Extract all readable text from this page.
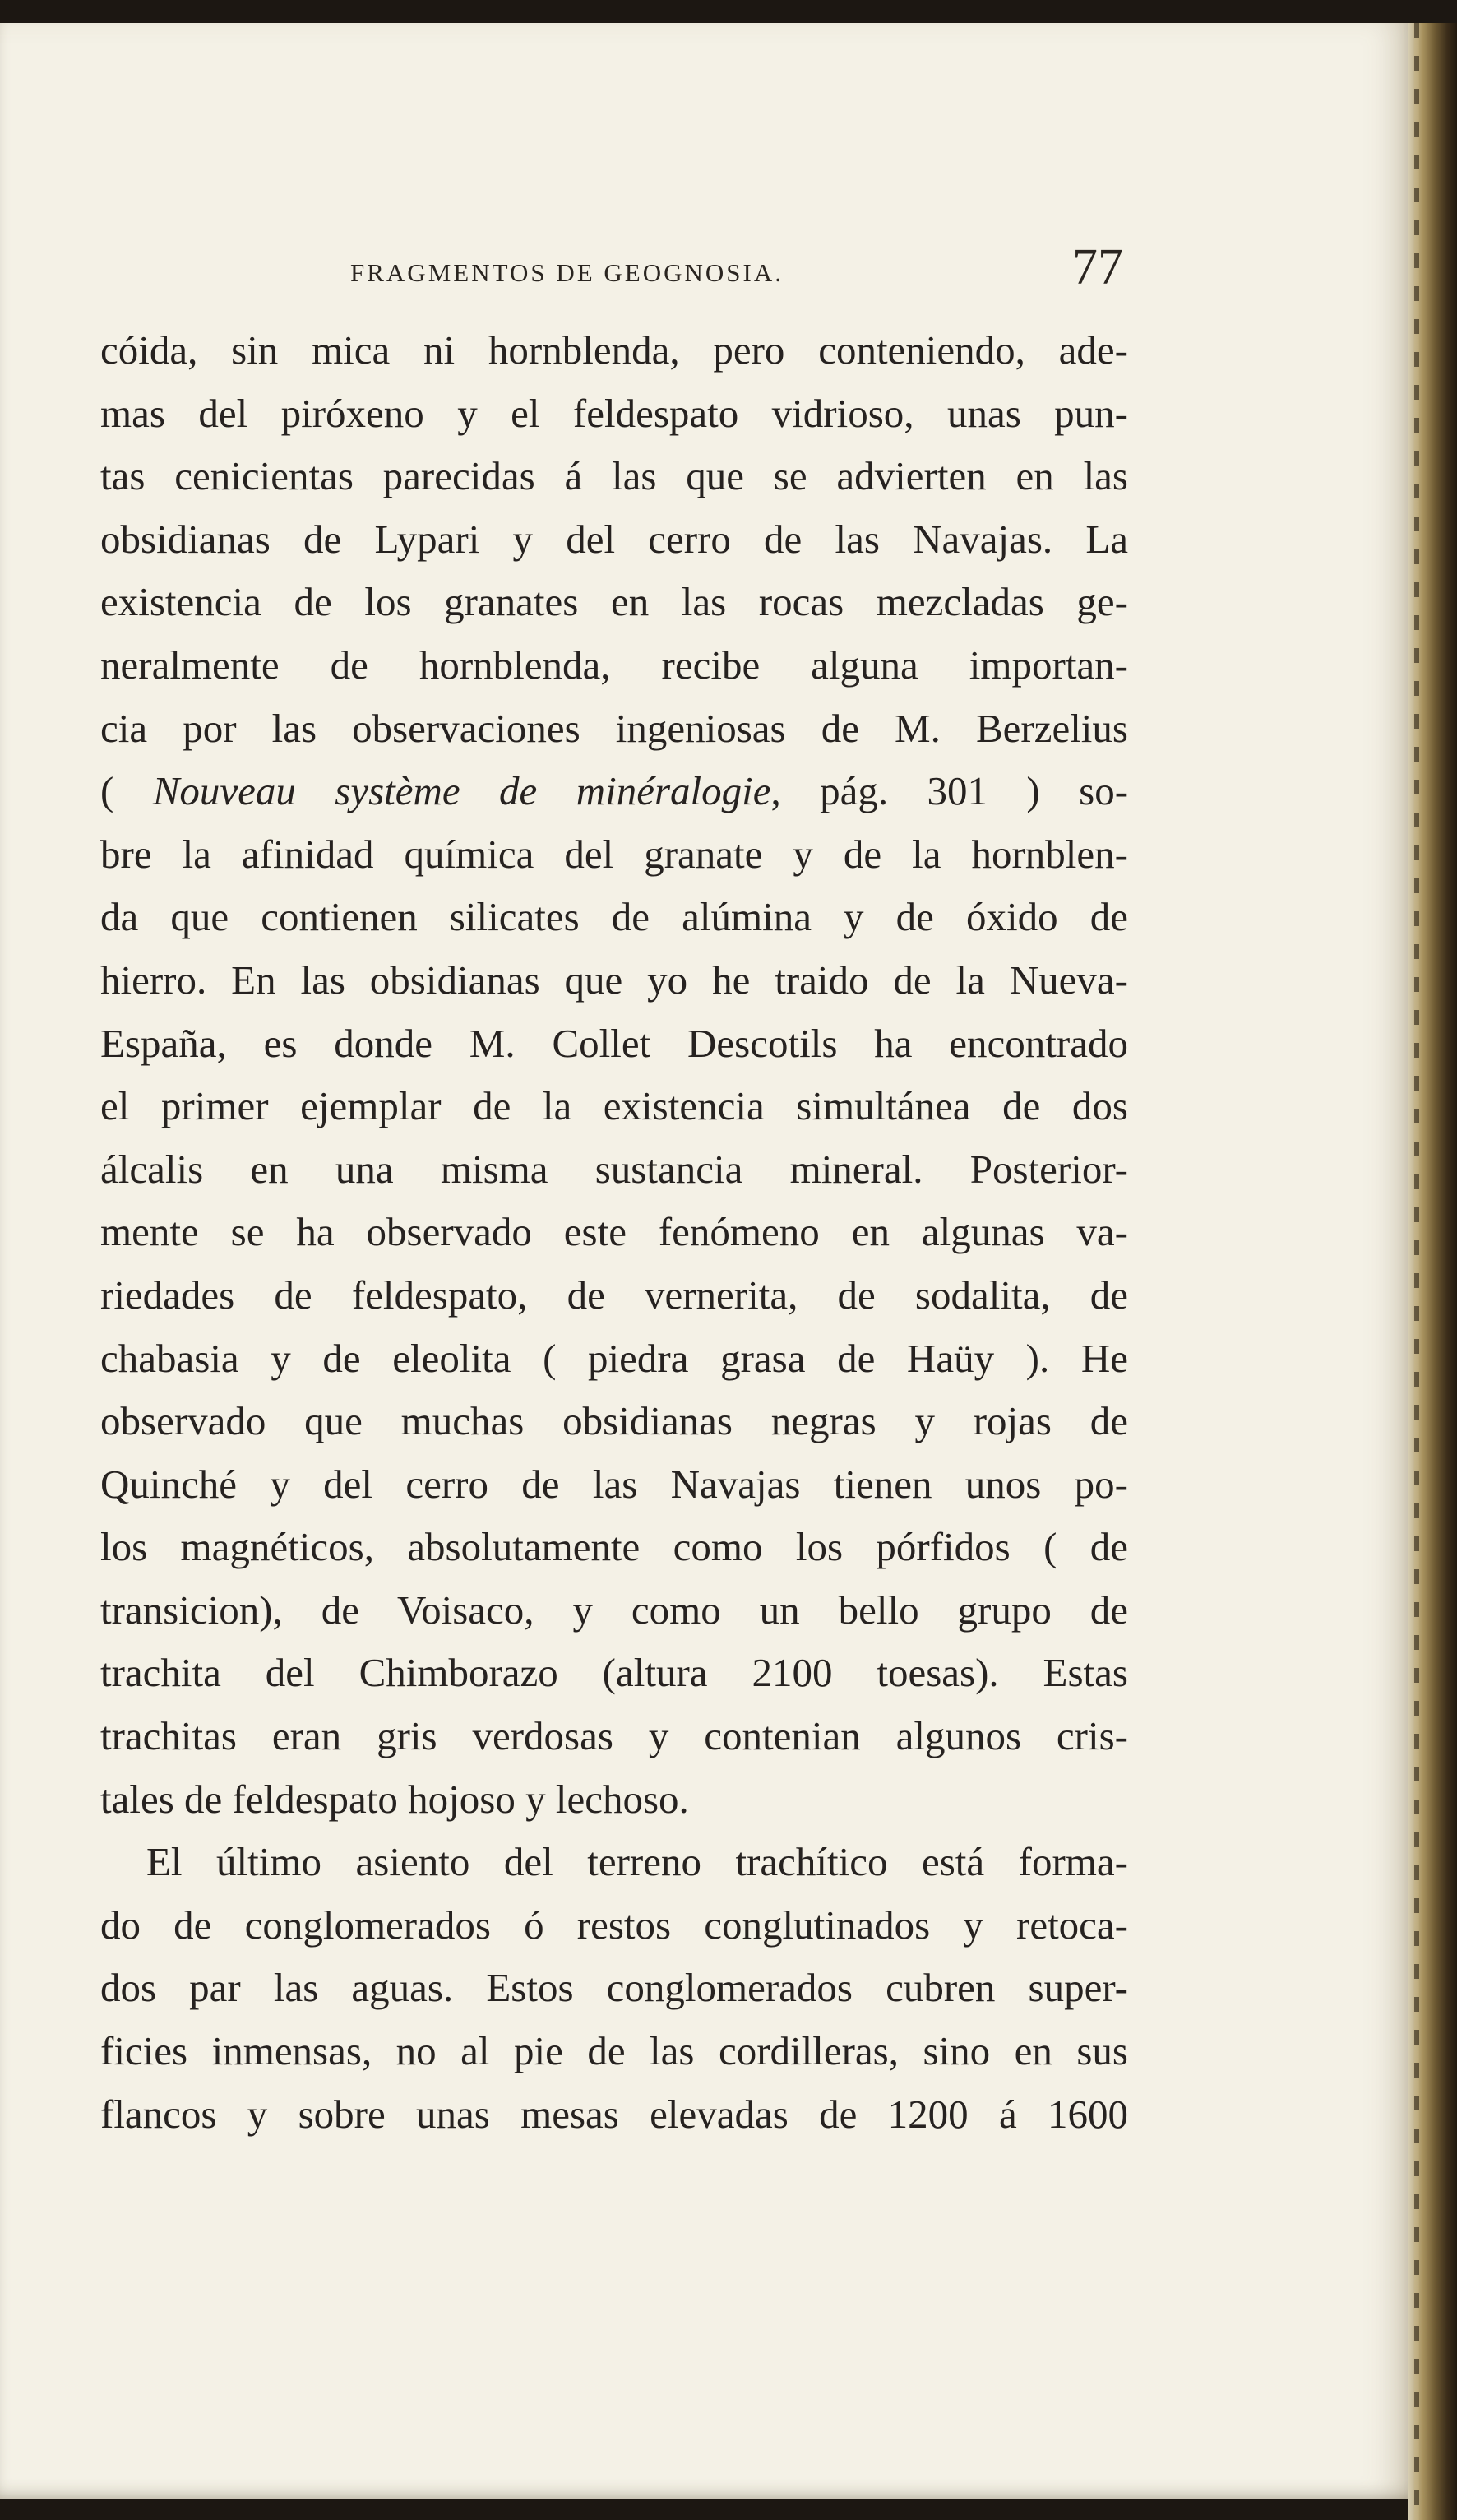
FRAGMENTOS DE GEOGNOSIA.	77
cóida, sin mica ni hornblenda, pero conteniendo, ade-
mas del piróxeno y el feldespato vidrioso, unas pun-
tas cenicientas parecidas á las que se advierten en las
obsidianas de Lypari y del cerro de las Navajas. La
existencia de los granates en las rocas mezcladas ge-
neralmente de hornblenda, recibe alguna importan-
cia por las observaciones ingeniosas de M. Berzelius
( Nouveau système de minéralogie, pág. 301 ) so-
bre la afinidad química del granate y de la hornblen-
da que contienen silicates de alúmina y de óxido de
hierro. En las obsidianas que yo he traido de la Nueva-
España, es donde M. Collet Descotils ha encontrado
el primer ejemplar de la existencia simultánea de dos
álcalis en una misma sustancia mineral. Posterior-
mente se ha observado este fenómeno en algunas va-
riedades de feldespato, de vernerita, de sodalita, de
chabasia y de eleolita ( piedra grasa de Haüy ). He
observado que muchas obsidianas negras y rojas de
Quinché y del cerro de las Navajas tienen unos po-
los magnéticos, absolutamente como los pórfidos ( de
transicion), de Voisaco, y como un bello grupo de
trachita del Chimborazo (altura 2100 toesas). Estas
trachitas eran gris verdosas y contenian algunos cris-
tales de feldespato hojoso y lechoso.
El último asiento del terreno trachítico está forma-
do de conglomerados ó restos conglutinados y retoca-
dos par las aguas. Estos conglomerados cubren super-
ficies inmensas, no al pie de las cordilleras, sino en sus
flancos y sobre unas mesas elevadas de 1200 á 1600
